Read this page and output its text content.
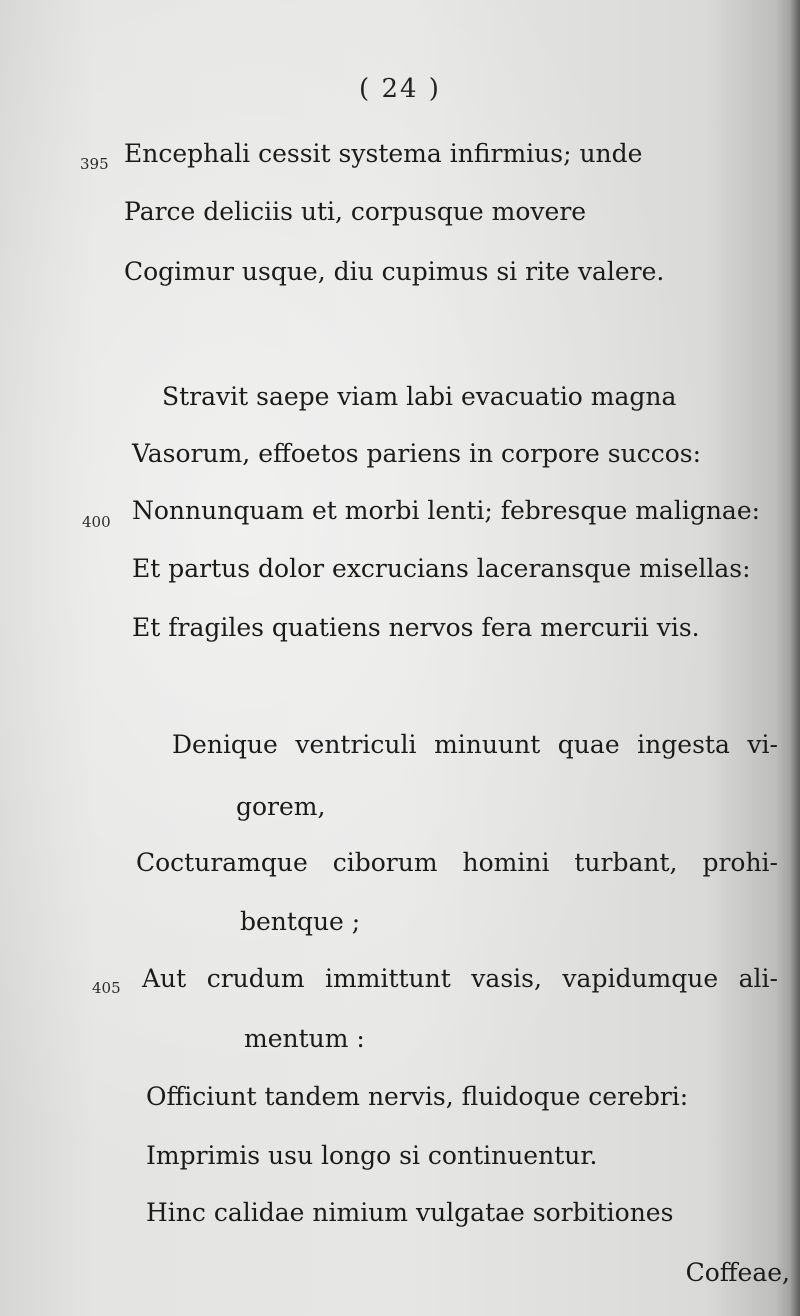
( 24 )
395 Encephali cessit systema infirmius; unde
Parce deliciis uti, corpusque movere
Cogimur usque, diu cupimus si rite valere.
Stravit saepe viam labi evacuatio magna
Vasorum, effoetos pariens in corpore succos:
400 Nonnunquam et morbi lenti; febresque malignae:
Et partus dolor excrucians laceransque misellas:
Et fragiles quatiens nervos fera mercurii vis.
Denique ventriculi minuunt quae ingesta vi-
gorem,
Cocturamque ciborum homini turbant, prohi-
bentque ;
405 Aut crudum immittunt vasis, vapidumque ali-
mentum :
Officiunt tandem nervis, fluidoque cerebri:
Imprimis usu longo si continuentur.
Hinc calidae nimium vulgatae sorbitiones
Coffeae,
